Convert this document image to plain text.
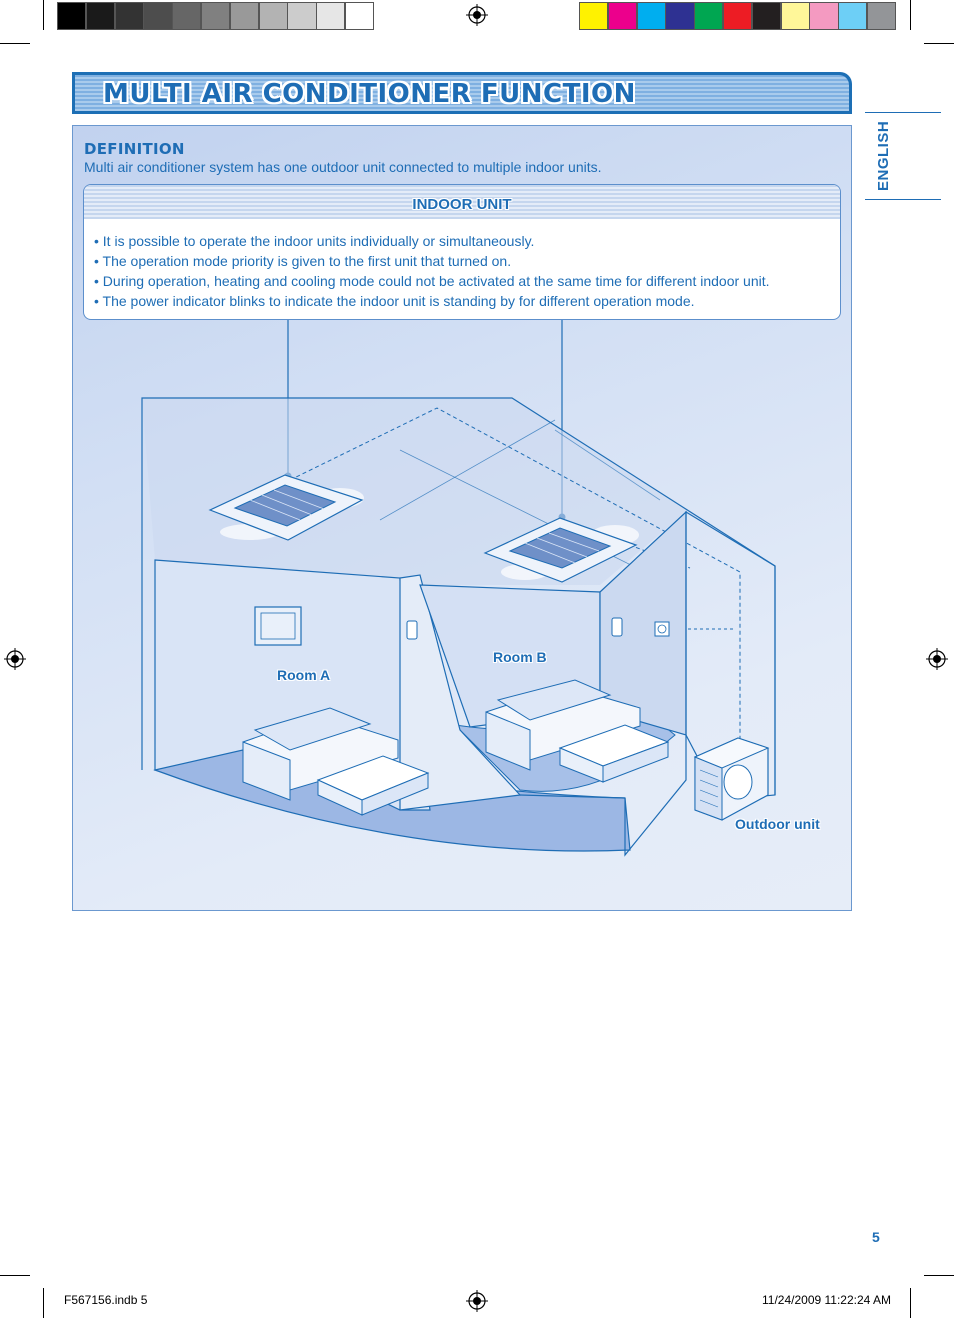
MULTI AIR CONDITIONER FUNCTION
ENGLISH
DEFINITION
Multi air conditioner system has one outdoor unit connected to multiple indoor units.
INDOOR UNIT
• It is possible to operate the indoor units individually or simultaneously.
• The operation mode priority is given to the first unit that turned on.
• During operation, heating and cooling mode could not be activated at the same time for different indoor unit.
• The power indicator blinks to indicate the indoor unit is standing by for different operation mode.
Room A
Room B
Outdoor unit
5
F567156.indb 5	11/24/2009 11:22:24 AM
